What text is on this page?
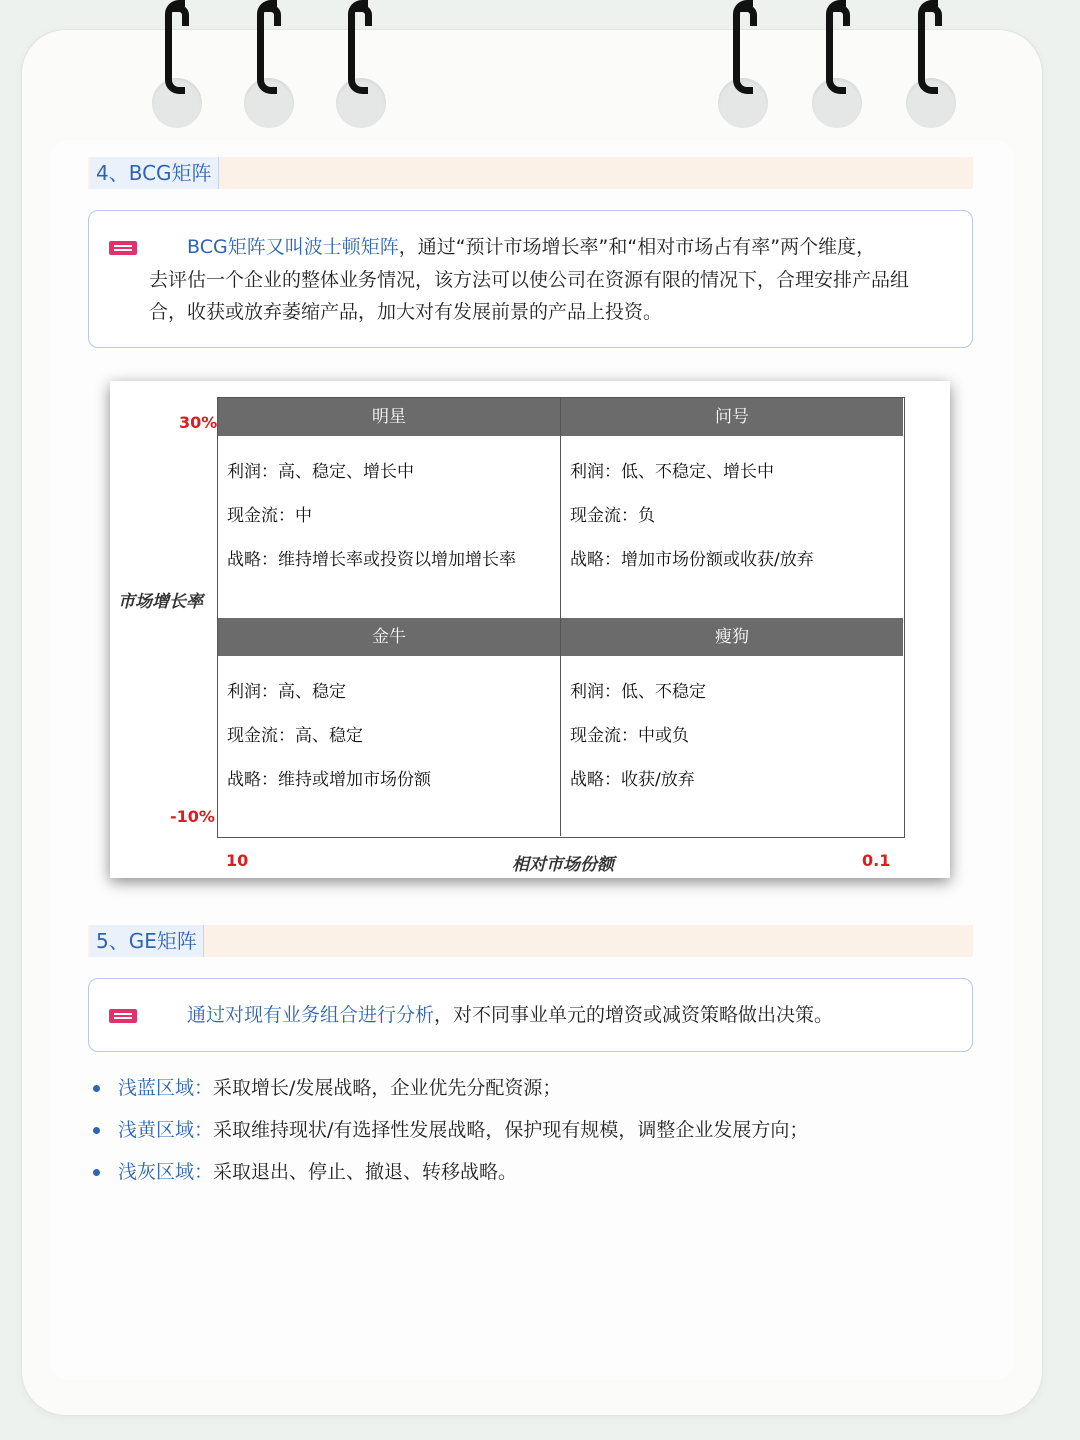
4、BCG矩阵
BCG矩阵又叫波士顿矩阵，通过“预计市场增长率”和“相对市场占有率”两个维度，
去评估一个企业的整体业务情况，该方法可以使公司在资源有限的情况下，合理安排产品组
合，收获或放弃萎缩产品，加大对有发展前景的产品上投资。
30%
市场增长率
-10%
10	相对市场份额	0.1
明星
利润：高、稳定、增长中
现金流：中
战略：维持增长率或投资以增加增长率
问号
利润：低、不稳定、增长中
现金流：负
战略：增加市场份额或收获/放弃
金牛
利润：高、稳定
现金流：高、稳定
战略：维持或增加市场份额
瘦狗
利润：低、不稳定
现金流：中或负
战略：收获/放弃
5、GE矩阵
通过对现有业务组合进行分析，对不同事业单元的增资或减资策略做出决策。
浅蓝区域：采取增长/发展战略，企业优先分配资源；
浅黄区域：采取维持现状/有选择性发展战略，保护现有规模，调整企业发展方向；
浅灰区域：采取退出、停止、撤退、转移战略。
